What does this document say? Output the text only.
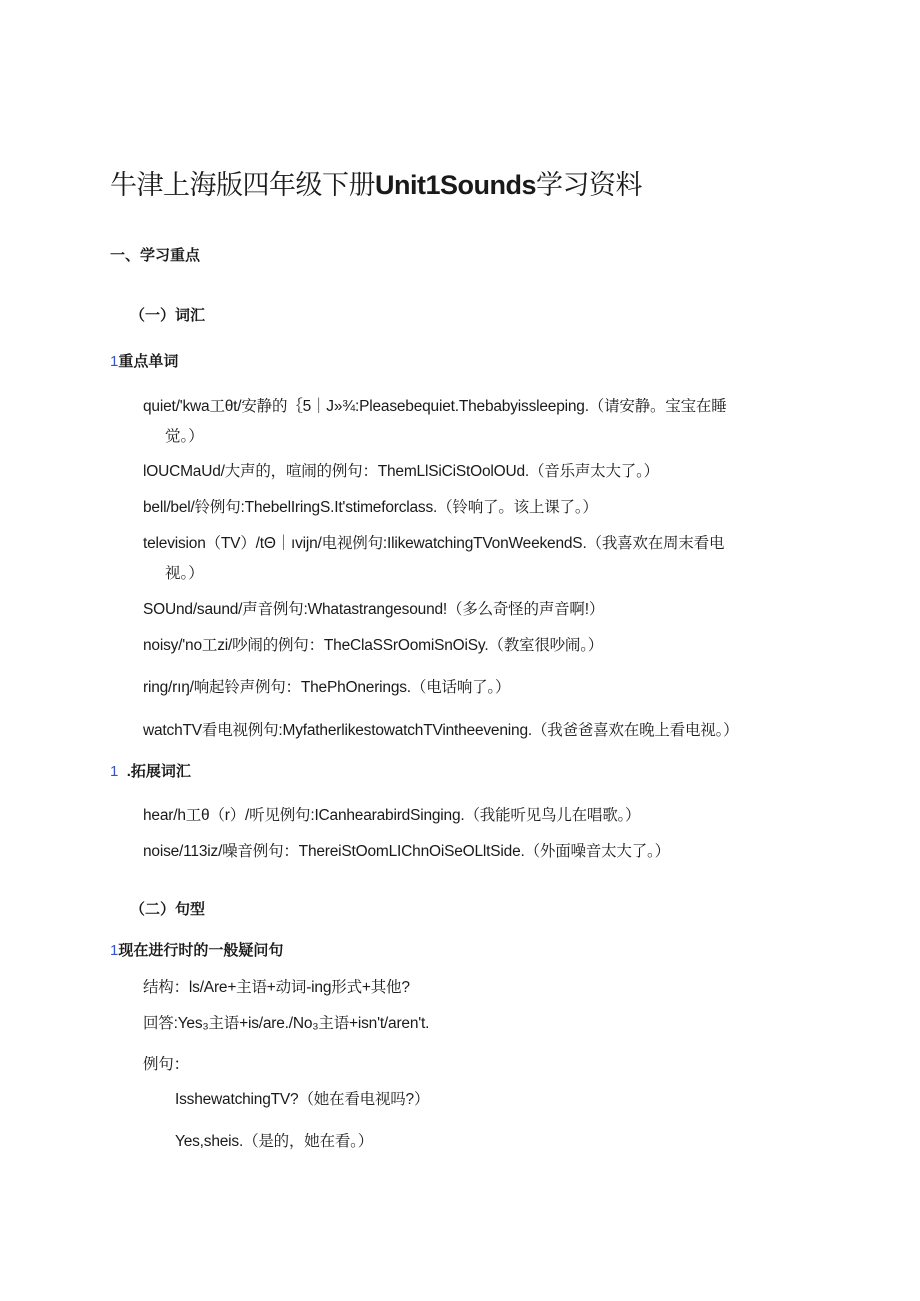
牛津上海版四年级下册Unit1Sounds学习资料
一、学习重点
（一）词汇
1重点单词
quiet/'kwa工θt/安静的｛5｜J»¾:Pleasebequiet.Thebabyissleeping.（请安静。宝宝在睡
觉。）
lOUCMaUd/大声的，喧闹的例句：ThemLlSiCiStOolOUd.（音乐声太大了。）
bell/bel/铃例句:ThebelIringS.It'stimeforclass.（铃响了。该上课了。）
television（TV）/tΘ｜ıvijn/电视例句:IlikewatchingTVonWeekendS.（我喜欢在周末看电
视。）
SOUnd/saund/声音例句:Whatastrangesound!（多么奇怪的声音啊!）
noisy/'no工zi/吵闹的例句：TheClaSSrOomiSnOiSy.（教室很吵闹。）
ring/rıŋ/响起铃声例句：ThePhOnerings.（电话响了。）
watchTV看电视例句:MyfatherlikestowatchTVintheevening.（我爸爸喜欢在晚上看电视。）
1 .拓展词汇
hear/h工θ（r）/听见例句:ICanhearabirdSinging.（我能听见鸟儿在唱歌。）
noise/113iz/噪音例句：ThereiStOomLIChnOiSeOLltSide.（外面噪音太大了。）
（二）句型
1现在进行时的一般疑问句
结构：ls/Are+主语+动词-ing形式+其他?
回答:Yes₃主语+is/are./No₃主语+isn't/aren't.
例句：
IsshewatchingTV?（她在看电视吗?）
Yes,sheis.（是的，她在看。）
